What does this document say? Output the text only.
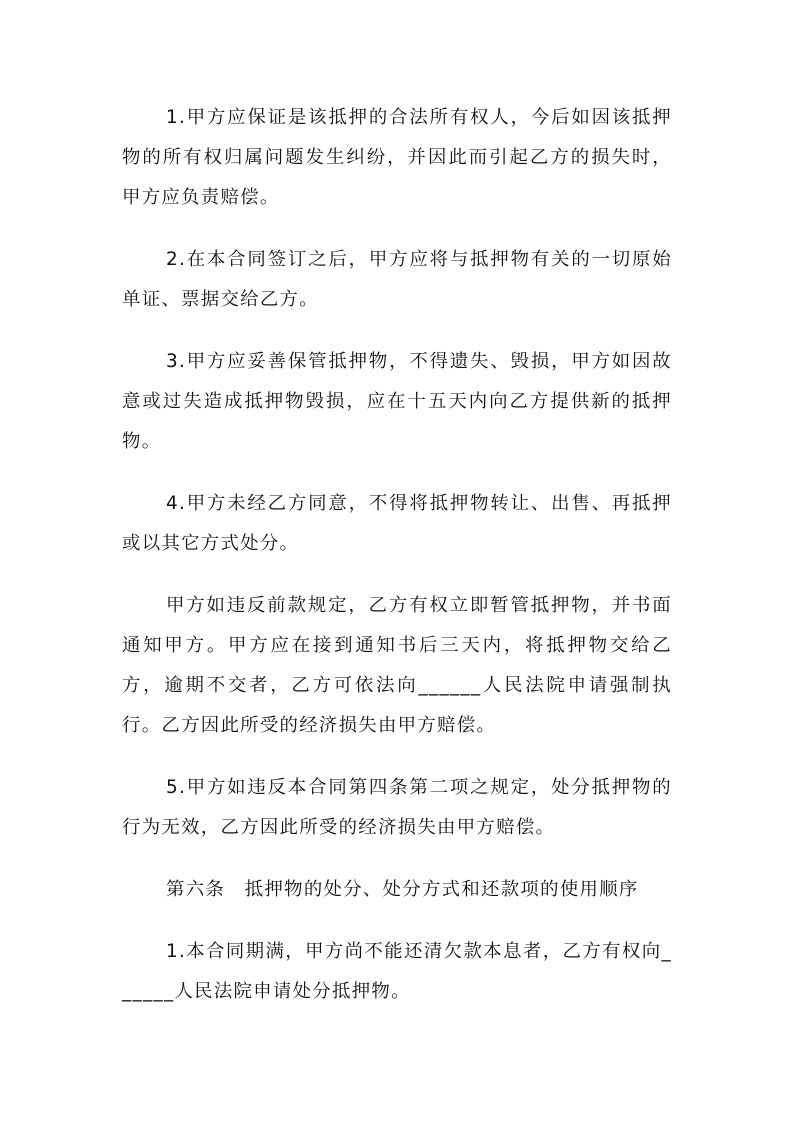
1.甲方应保证是该抵押的合法所有权人，今后如因该抵押物的所有权归属问题发生纠纷，并因此而引起乙方的损失时，甲方应负责赔偿。

2.在本合同签订之后，甲方应将与抵押物有关的一切原始单证、票据交给乙方。

3.甲方应妥善保管抵押物，不得遗失、毁损，甲方如因故意或过失造成抵押物毁损，应在十五天内向乙方提供新的抵押物。

4.甲方未经乙方同意，不得将抵押物转让、出售、再抵押或以其它方式处分。

甲方如违反前款规定，乙方有权立即暂管抵押物，并书面通知甲方。甲方应在接到通知书后三天内，将抵押物交给乙方，逾期不交者，乙方可依法向______人民法院申请强制执行。乙方因此所受的经济损失由甲方赔偿。

5.甲方如违反本合同第四条第二项之规定，处分抵押物的行为无效，乙方因此所受的经济损失由甲方赔偿。

第六条　抵押物的处分、处分方式和还款项的使用顺序

1.本合同期满，甲方尚不能还清欠款本息者，乙方有权向______人民法院申请处分抵押物。
